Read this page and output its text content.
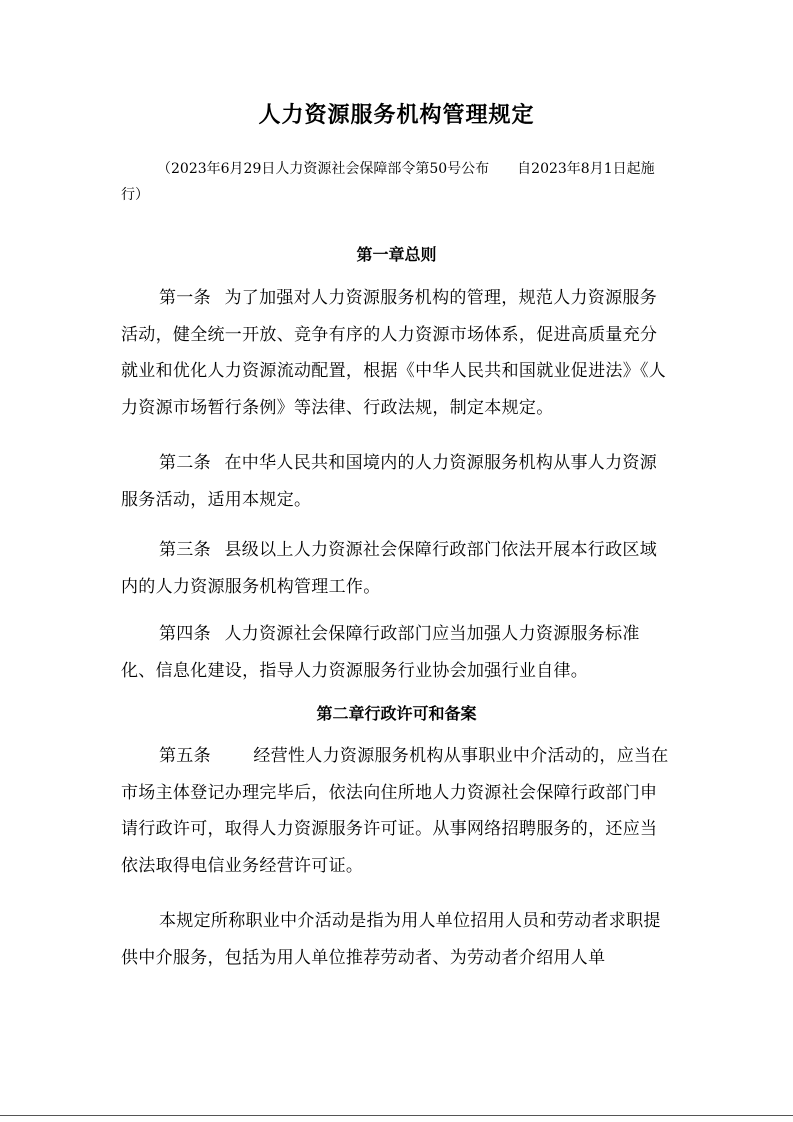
人力资源服务机构管理规定
（2023年6月29日人力资源社会保障部令第50号公布　　自2023年8月1日起施行）
第一章总则
第一条 为了加强对人力资源服务机构的管理，规范人力资源服务活动，健全统一开放、竞争有序的人力资源市场体系，促进高质量充分就业和优化人力资源流动配置，根据《中华人民共和国就业促进法》《人力资源市场暂行条例》等法律、行政法规，制定本规定。
第二条 在中华人民共和国境内的人力资源服务机构从事人力资源服务活动，适用本规定。
第三条 县级以上人力资源社会保障行政部门依法开展本行政区域内的人力资源服务机构管理工作。
第四条 人力资源社会保障行政部门应当加强人力资源服务标准化、信息化建设，指导人力资源服务行业协会加强行业自律。
第二章行政许可和备案
第五条	经营性人力资源服务机构从事职业中介活动的，应当在市场主体登记办理完毕后，依法向住所地人力资源社会保障行政部门申请行政许可，取得人力资源服务许可证。从事网络招聘服务的，还应当依法取得电信业务经营许可证。
本规定所称职业中介活动是指为用人单位招用人员和劳动者求职提供中介服务，包括为用人单位推荐劳动者、为劳动者介绍用人单
